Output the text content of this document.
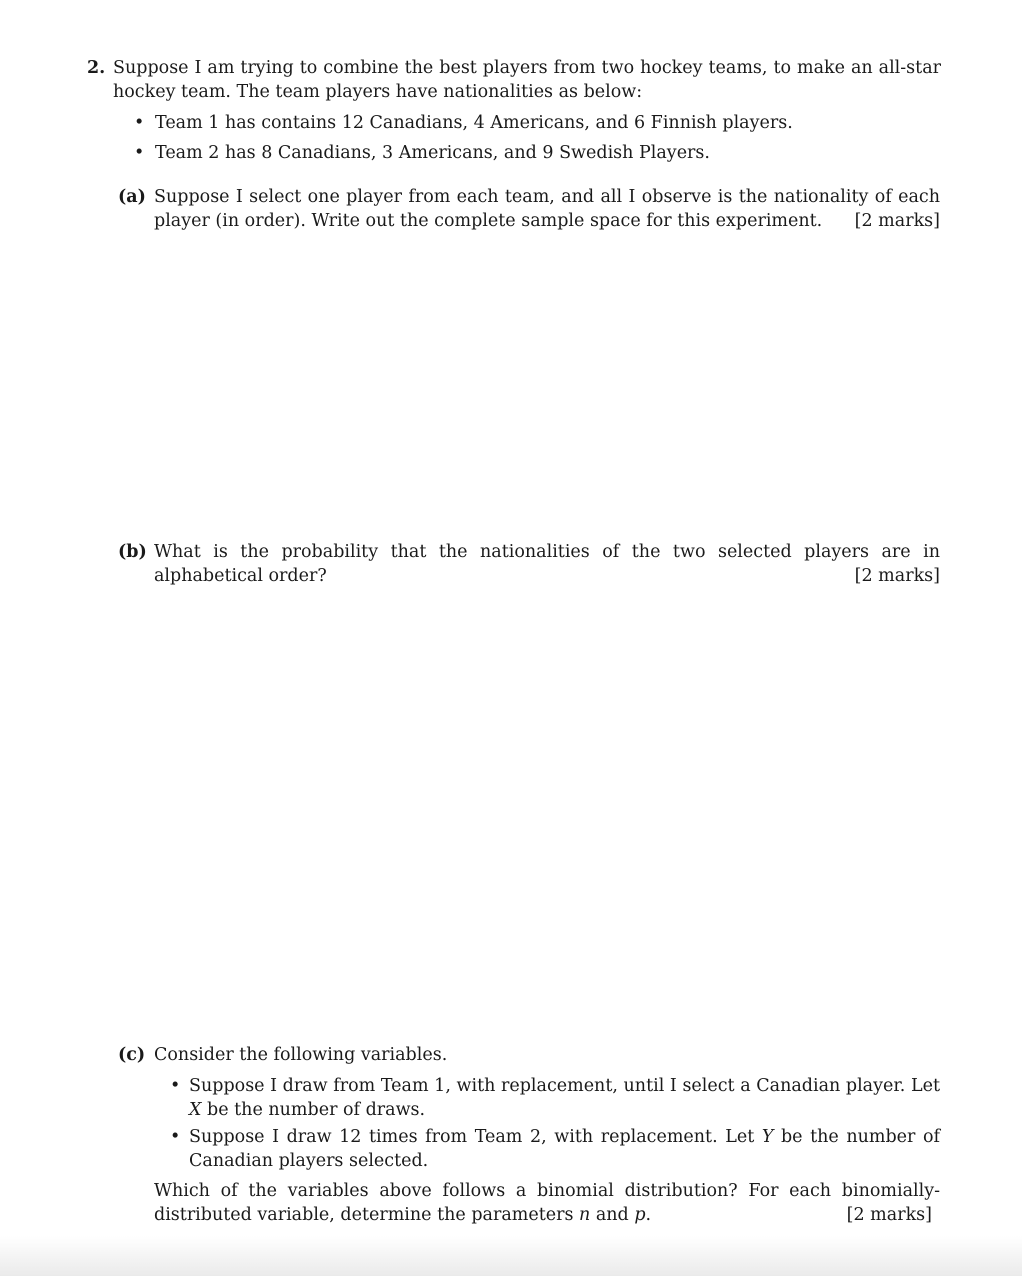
2. Suppose I am trying to combine the best players from two hockey teams, to make an all-star hockey team. The team players have nationalities as below:
• Team 1 has contains 12 Canadians, 4 Americans, and 6 Finnish players.
• Team 2 has 8 Canadians, 3 Americans, and 9 Swedish Players.
(a) Suppose I select one player from each team, and all I observe is the nationality of each player (in order). Write out the complete sample space for this experiment. [2 marks]
(b) What is the probability that the nationalities of the two selected players are in alphabetical order?	[2 marks]
(c) Consider the following variables.
• Suppose I draw from Team 1, with replacement, until I select a Canadian player. Let X be the number of draws.
• Suppose I draw 12 times from Team 2, with replacement. Let Y be the number of Canadian players selected.
Which of the variables above follows a binomial distribution? For each binomially-distributed variable, determine the parameters n and p.	[2 marks]
